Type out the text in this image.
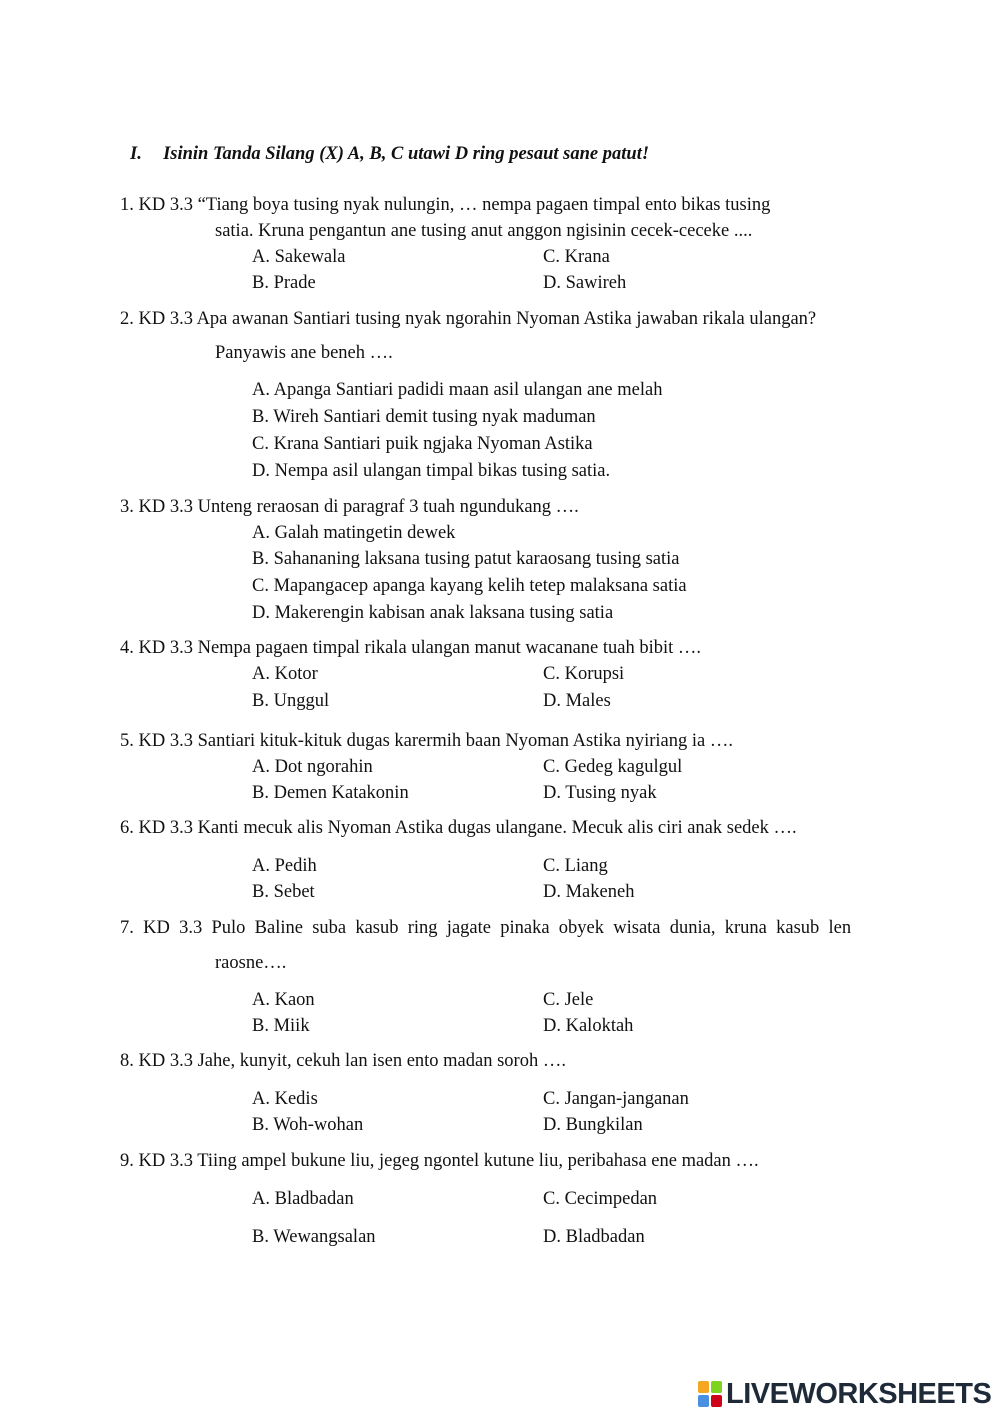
I. Isinin Tanda Silang (X) A, B, C utawi D ring pesaut sane patut!
1. KD 3.3 “Tiang boya tusing nyak nulungin, … nempa pagaen timpal ento bikas tusing
satia. Kruna pengantun ane tusing anut anggon ngisinin cecek-ceceke ....
A. Sakewala	C. Krana
B. Prade	D. Sawireh
2. KD 3.3 Apa awanan Santiari tusing nyak ngorahin Nyoman Astika jawaban rikala ulangan?
Panyawis ane beneh ….
A. Apanga Santiari padidi maan asil ulangan ane melah
B. Wireh Santiari demit tusing nyak maduman
C. Krana Santiari puik ngjaka Nyoman Astika
D. Nempa asil ulangan timpal bikas tusing satia.
3. KD 3.3 Unteng reraosan di paragraf 3 tuah ngundukang ….
A. Galah matingetin dewek
B. Sahananing laksana tusing patut karaosang tusing satia
C. Mapangacep apanga kayang kelih tetep malaksana satia
D. Makerengin kabisan anak laksana tusing satia
4. KD 3.3 Nempa pagaen timpal rikala ulangan manut wacanane tuah bibit ….
A. Kotor	C. Korupsi
B. Unggul	D. Males
5. KD 3.3 Santiari kituk-kituk dugas karermih baan Nyoman Astika nyiriang ia ….
A. Dot ngorahin	C. Gedeg kagulgul
B. Demen Katakonin	D. Tusing nyak
6. KD 3.3 Kanti mecuk alis Nyoman Astika dugas ulangane. Mecuk alis ciri anak sedek ….
A. Pedih	C. Liang
B. Sebet	D. Makeneh
7.  KD  3.3  Pulo  Baline  suba  kasub  ring  jagate  pinaka  obyek  wisata  dunia,  kruna  kasub  len
raosne….
A. Kaon	C. Jele
B. Miik	D. Kaloktah
8. KD 3.3 Jahe, kunyit, cekuh lan isen ento madan soroh ….
A. Kedis	C. Jangan-janganan
B. Woh-wohan	D. Bungkilan
9. KD 3.3 Tiing ampel bukune liu, jegeg ngontel kutune liu, peribahasa ene madan ….
A. Bladbadan	C. Cecimpedan
B. Wewangsalan	D. Bladbadan
LIVEWORKSHEETS
